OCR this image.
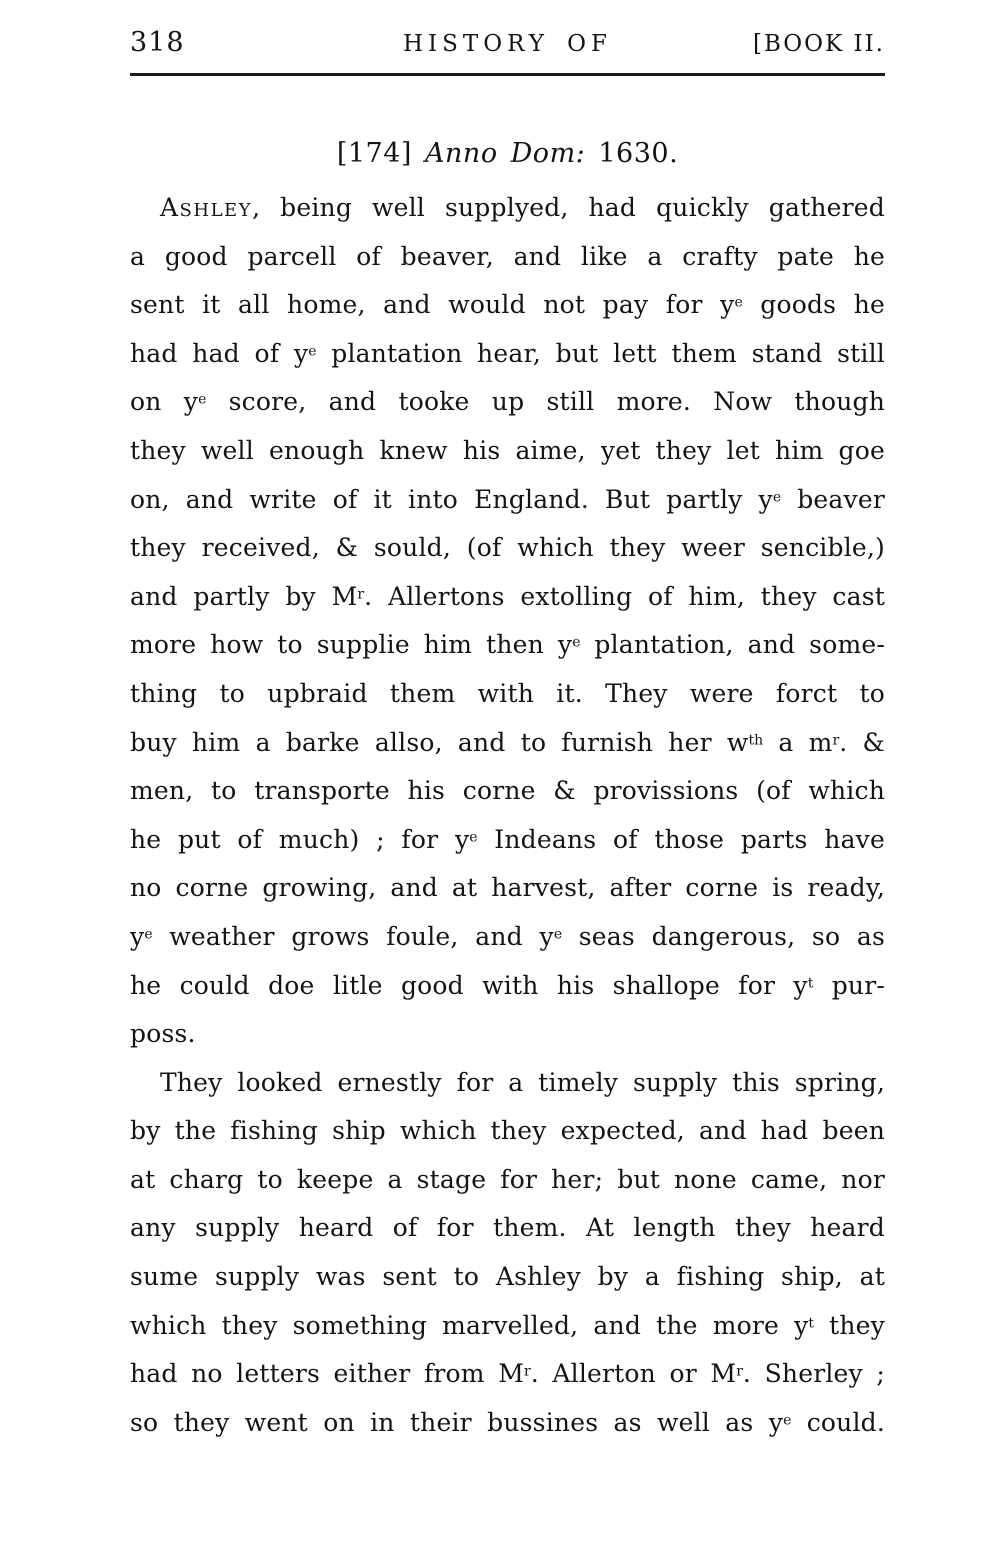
318	HISTORY OF	[BOOK II.
[174] Anno Dom: 1630.
Ashley, being well supplyed, had quickly gathered
a good parcell of beaver, and like a crafty pate he
sent it all home, and would not pay for $y^e$ goods he
had had of $y^e$ plantation hear, but lett them stand still
on $y^e$ score, and tooke up still more. Now though
they well enough knew his aime, yet they let him goe
on, and write of it into England. But partly $y^e$ beaver
they received, & sould, (of which they weer sencible,)
and partly by $M^r$. Allertons extolling of him, they cast
more how to supplie him then $y^e$ plantation, and some-
thing to upbraid them with it. They were forct to
buy him a barke allso, and to furnish her $w^{th}$ a $m^r$. &
men, to transporte his corne & provissions (of which
he put of much) ; for $y^e$ Indeans of those parts have
no corne growing, and at harvest, after corne is ready,
$y^e$ weather grows foule, and $y^e$ seas dangerous, so as
he could doe litle good with his shallope for $y^t$ pur-
poss.
They looked ernestly for a timely supply this spring,
by the fishing ship which they expected, and had been
at charg to keepe a stage for her; but none came, nor
any supply heard of for them. At length they heard
sume supply was sent to Ashley by a fishing ship, at
which they something marvelled, and the more $y^t$ they
had no letters either from $M^r$. Allerton or $M^r$. Sherley ;
so they went on in their bussines as well as $y^e$ could.
